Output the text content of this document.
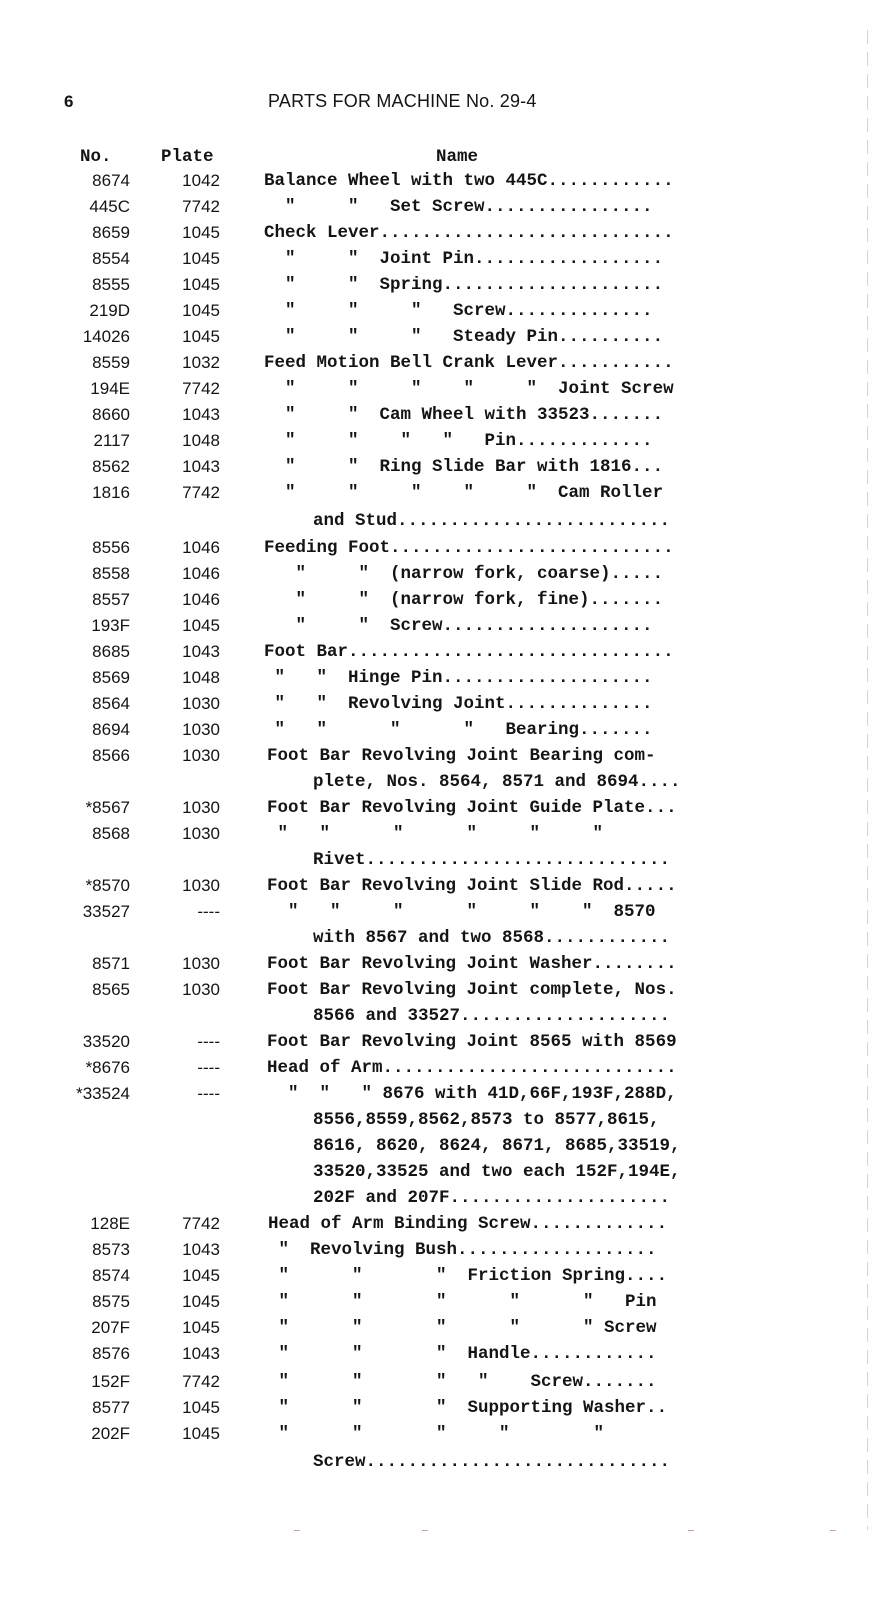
6	PARTS FOR MACHINE No. 29-4
No.	Plate	Name
8674	1042	Balance Wheel with two 445C............
445C	7742	"     "   Set Screw................
8659	1045	Check Lever............................
8554	1045	"     "  Joint Pin..................
8555	1045	"     "  Spring.....................
219D	1045	"     "     "   Screw..............
14026	1045	"     "     "   Steady Pin..........
8559	1032	Feed Motion Bell Crank Lever...........
194E	7742	"     "     "    "     "  Joint Screw
8660	1043	"     "  Cam Wheel with 33523.......
2117	1048	"     "    "   "   Pin.............
8562	1043	"     "  Ring Slide Bar with 1816...
1816	7742	"     "     "    "     "  Cam Roller
and Stud..........................
8556	1046	Feeding Foot...........................
8558	1046	"     "  (narrow fork, coarse).....
8557	1046	"     "  (narrow fork, fine).......
193F	1045	"     "  Screw....................
8685	1043	Foot Bar...............................
8569	1048	"   "  Hinge Pin....................
8564	1030	"   "  Revolving Joint..............
8694	1030	"   "      "      "   Bearing.......
8566	1030	Foot Bar Revolving Joint Bearing com-
plete, Nos. 8564, 8571 and 8694....
*8567	1030	Foot Bar Revolving Joint Guide Plate...
8568	1030	"   "      "      "     "     "
Rivet.............................
*8570	1030	Foot Bar Revolving Joint Slide Rod.....
33527	----	"   "     "      "     "    "  8570
with 8567 and two 8568............
8571	1030	Foot Bar Revolving Joint Washer........
8565	1030	Foot Bar Revolving Joint complete, Nos.
8566 and 33527....................
33520	----	Foot Bar Revolving Joint 8565 with 8569
*8676	----	Head of Arm............................
*33524	----	"  "   " 8676 with 41D,66F,193F,288D,
8556,8559,8562,8573 to 8577,8615,
8616, 8620, 8624, 8671, 8685,33519,
33520,33525 and two each 152F,194E,
202F and 207F.....................
128E	7742	Head of Arm Binding Screw.............
8573	1043	"  Revolving Bush...................
8574	1045	"      "       "  Friction Spring....
8575	1045	"      "       "      "      "   Pin
207F	1045	"      "       "      "      " Screw
8576	1043	"      "       "  Handle............
152F	7742	"      "       "   "    Screw.......
8577	1045	"      "       "  Supporting Washer..
202F	1045	"      "       "     "        "
Screw.............................
